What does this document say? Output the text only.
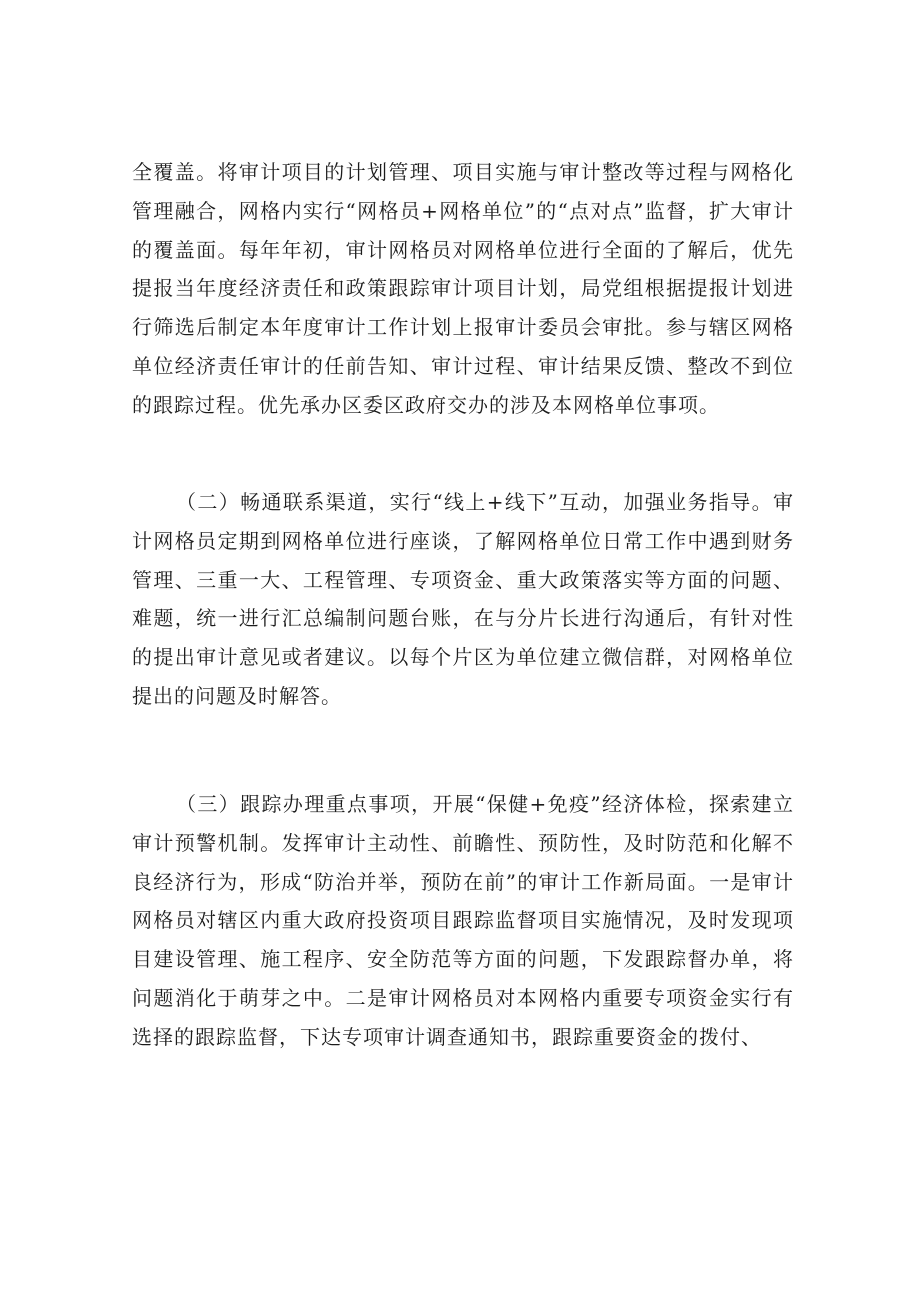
全覆盖。将审计项目的计划管理、项目实施与审计整改等过程与网格化管理融合，网格内实行“网格员+网格单位”的“点对点”监督，扩大审计的覆盖面。每年年初，审计网格员对网格单位进行全面的了解后，优先提报当年度经济责任和政策跟踪审计项目计划，局党组根据提报计划进行筛选后制定本年度审计工作计划上报审计委员会审批。参与辖区网格单位经济责任审计的任前告知、审计过程、审计结果反馈、整改不到位的跟踪过程。优先承办区委区政府交办的涉及本网格单位事项。

（二）畅通联系渠道，实行“线上+线下”互动，加强业务指导。审计网格员定期到网格单位进行座谈，了解网格单位日常工作中遇到财务管理、三重一大、工程管理、专项资金、重大政策落实等方面的问题、难题，统一进行汇总编制问题台账，在与分片长进行沟通后，有针对性的提出审计意见或者建议。以每个片区为单位建立微信群，对网格单位提出的问题及时解答。

（三）跟踪办理重点事项，开展“保健+免疫”经济体检，探索建立审计预警机制。发挥审计主动性、前瞻性、预防性，及时防范和化解不良经济行为，形成“防治并举，预防在前”的审计工作新局面。一是审计网格员对辖区内重大政府投资项目跟踪监督项目实施情况，及时发现项目建设管理、施工程序、安全防范等方面的问题，下发跟踪督办单，将问题消化于萌芽之中。二是审计网格员对本网格内重要专项资金实行有选择的跟踪监督，下达专项审计调查通知书，跟踪重要资金的拨付、
